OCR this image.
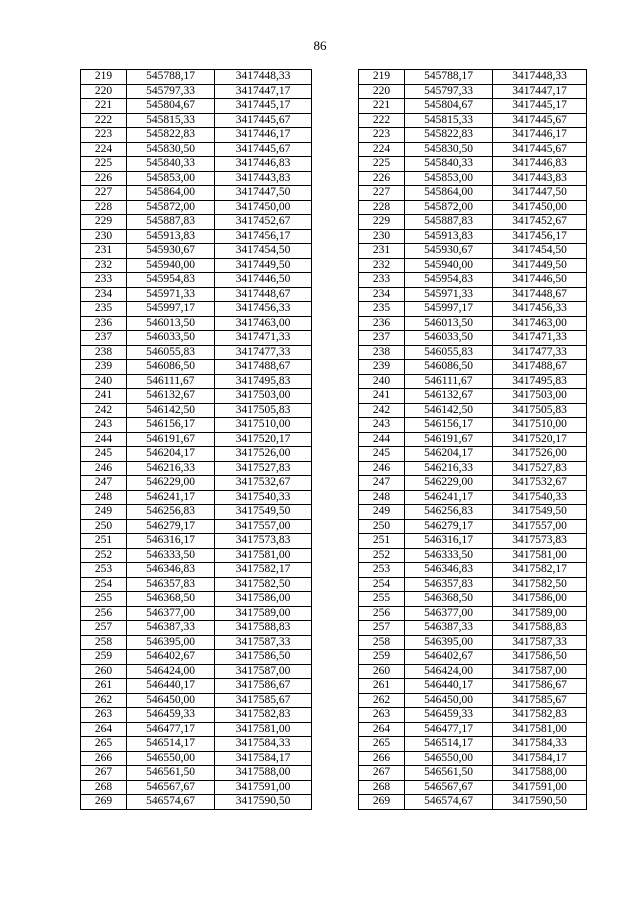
86
219	545788,17	3417448,33		219	545788,17	3417448,33
220	545797,33	3417447,17		220	545797,33	3417447,17
221	545804,67	3417445,17		221	545804,67	3417445,17
222	545815,33	3417445,67		222	545815,33	3417445,67
223	545822,83	3417446,17		223	545822,83	3417446,17
224	545830,50	3417445,67		224	545830,50	3417445,67
225	545840,33	3417446,83		225	545840,33	3417446,83
226	545853,00	3417443,83		226	545853,00	3417443,83
227	545864,00	3417447,50		227	545864,00	3417447,50
228	545872,00	3417450,00		228	545872,00	3417450,00
229	545887,83	3417452,67		229	545887,83	3417452,67
230	545913,83	3417456,17		230	545913,83	3417456,17
231	545930,67	3417454,50		231	545930,67	3417454,50
232	545940,00	3417449,50		232	545940,00	3417449,50
233	545954,83	3417446,50		233	545954,83	3417446,50
234	545971,33	3417448,67		234	545971,33	3417448,67
235	545997,17	3417456,33		235	545997,17	3417456,33
236	546013,50	3417463,00		236	546013,50	3417463,00
237	546033,50	3417471,33		237	546033,50	3417471,33
238	546055,83	3417477,33		238	546055,83	3417477,33
239	546086,50	3417488,67		239	546086,50	3417488,67
240	546111,67	3417495,83		240	546111,67	3417495,83
241	546132,67	3417503,00		241	546132,67	3417503,00
242	546142,50	3417505,83		242	546142,50	3417505,83
243	546156,17	3417510,00		243	546156,17	3417510,00
244	546191,67	3417520,17		244	546191,67	3417520,17
245	546204,17	3417526,00		245	546204,17	3417526,00
246	546216,33	3417527,83		246	546216,33	3417527,83
247	546229,00	3417532,67		247	546229,00	3417532,67
248	546241,17	3417540,33		248	546241,17	3417540,33
249	546256,83	3417549,50		249	546256,83	3417549,50
250	546279,17	3417557,00		250	546279,17	3417557,00
251	546316,17	3417573,83		251	546316,17	3417573,83
252	546333,50	3417581,00		252	546333,50	3417581,00
253	546346,83	3417582,17		253	546346,83	3417582,17
254	546357,83	3417582,50		254	546357,83	3417582,50
255	546368,50	3417586,00		255	546368,50	3417586,00
256	546377,00	3417589,00		256	546377,00	3417589,00
257	546387,33	3417588,83		257	546387,33	3417588,83
258	546395,00	3417587,33		258	546395,00	3417587,33
259	546402,67	3417586,50		259	546402,67	3417586,50
260	546424,00	3417587,00		260	546424,00	3417587,00
261	546440,17	3417586,67		261	546440,17	3417586,67
262	546450,00	3417585,67		262	546450,00	3417585,67
263	546459,33	3417582,83		263	546459,33	3417582,83
264	546477,17	3417581,00		264	546477,17	3417581,00
265	546514,17	3417584,33		265	546514,17	3417584,33
266	546550,00	3417584,17		266	546550,00	3417584,17
267	546561,50	3417588,00		267	546561,50	3417588,00
268	546567,67	3417591,00		268	546567,67	3417591,00
269	546574,67	3417590,50		269	546574,67	3417590,50
